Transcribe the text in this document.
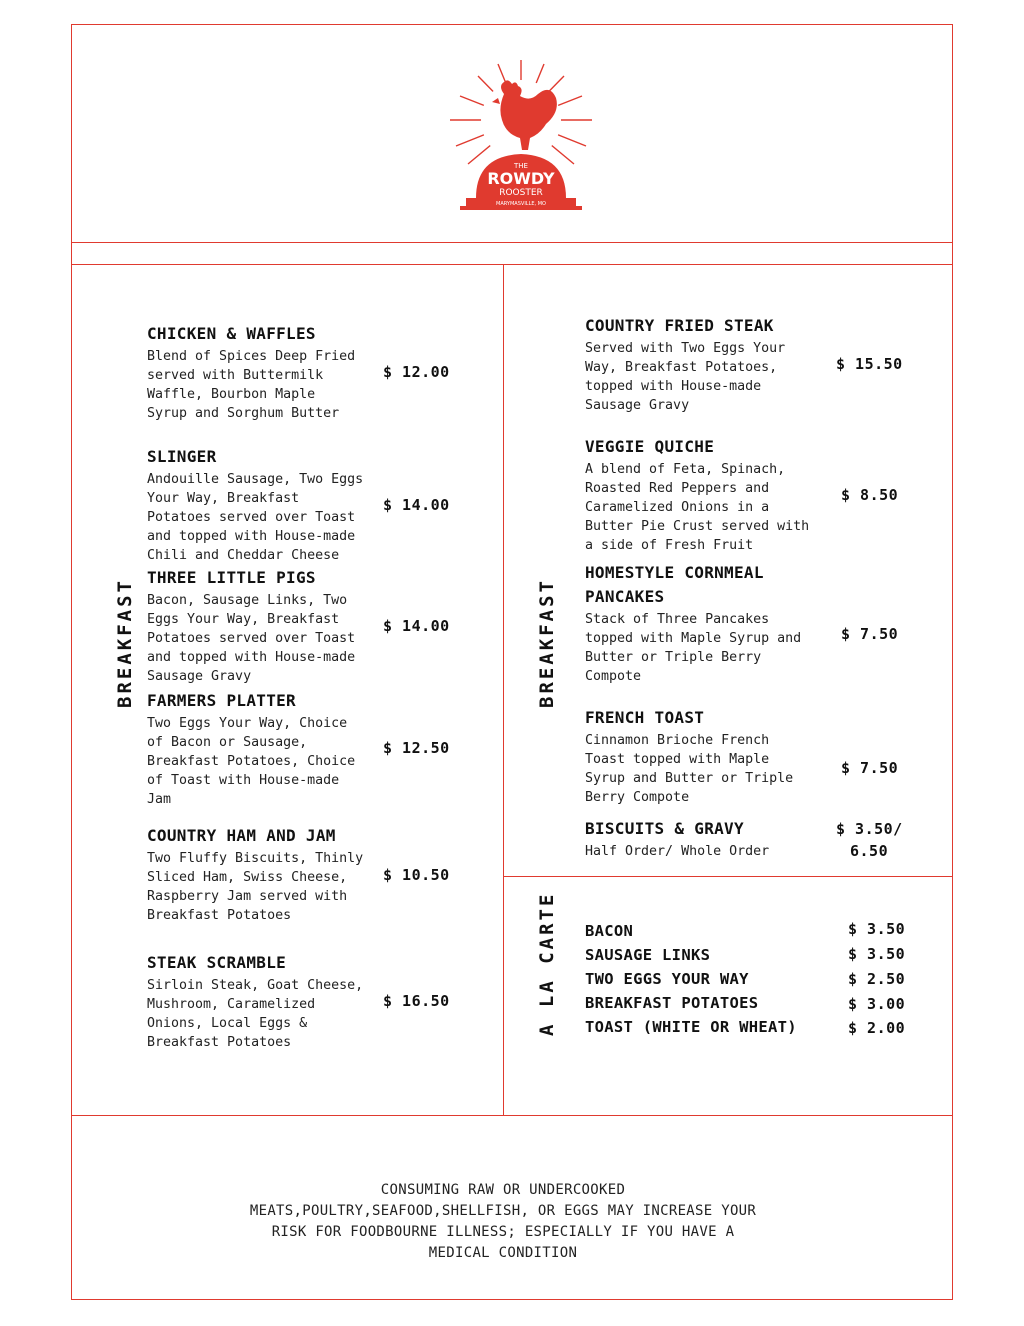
THE
ROWDY
ROOSTER
MARYMASVILLE, MO
BREAKFAST	BREAKFAST
A LA CARTE
CHICKEN & WAFFLES
Blend of Spices Deep Fried
served with Buttermilk
Waffle, Bourbon Maple
Syrup and Sorghum Butter
$ 12.00
SLINGER
Andouille Sausage, Two Eggs
Your Way, Breakfast
Potatoes served over Toast
and topped with House-made
Chili and Cheddar Cheese
$ 14.00
THREE LITTLE PIGS
Bacon, Sausage Links, Two
Eggs Your Way, Breakfast
Potatoes served over Toast
and topped with House-made
Sausage Gravy
$ 14.00
FARMERS PLATTER
Two Eggs Your Way, Choice
of Bacon or Sausage,
Breakfast Potatoes, Choice
of Toast with House-made
Jam
$ 12.50
COUNTRY HAM AND JAM
Two Fluffy Biscuits, Thinly
Sliced Ham, Swiss Cheese,
Raspberry Jam served with
Breakfast Potatoes
$ 10.50
STEAK SCRAMBLE
Sirloin Steak, Goat Cheese,
Mushroom, Caramelized
Onions, Local Eggs &
Breakfast Potatoes
$ 16.50
COUNTRY FRIED STEAK
Served with Two Eggs Your
Way, Breakfast Potatoes,
topped with House-made
Sausage Gravy
$ 15.50
VEGGIE QUICHE
A blend of Feta, Spinach,
Roasted Red Peppers and
Caramelized Onions in a
Butter Pie Crust served with
a side of Fresh Fruit
$ 8.50
HOMESTYLE CORNMEAL
PANCAKES
Stack of Three Pancakes
topped with Maple Syrup and
Butter or Triple Berry
Compote
$ 7.50
FRENCH TOAST
Cinnamon Brioche French
Toast topped with Maple
Syrup and Butter or Triple
Berry Compote
$ 7.50
BISCUITS & GRAVY
Half Order/ Whole Order
$ 3.50/
6.50
BACON	$ 3.50
SAUSAGE LINKS	$ 3.50
TWO EGGS YOUR WAY	$ 2.50
BREAKFAST POTATOES	$ 3.00
TOAST (WHITE OR WHEAT)	$ 2.00
CONSUMING RAW OR UNDERCOOKED
MEATS,POULTRY,SEAFOOD,SHELLFISH, OR EGGS MAY INCREASE YOUR
RISK FOR FOODBOURNE ILLNESS; ESPECIALLY IF YOU HAVE A
MEDICAL CONDITION
